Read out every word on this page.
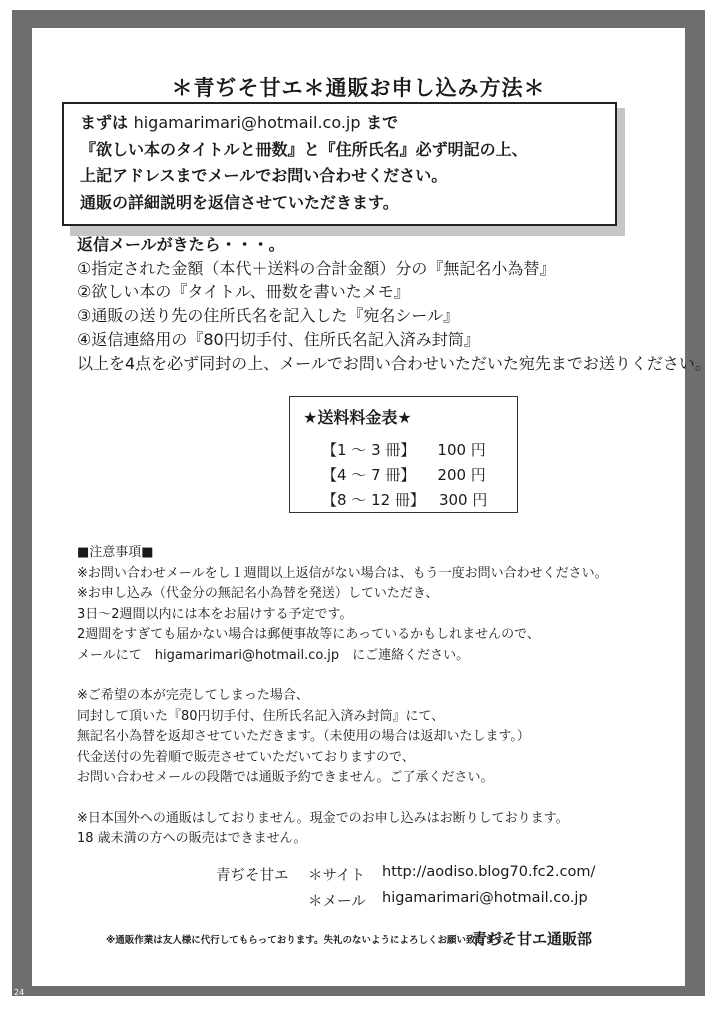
＊青ぢそ甘エ＊通販お申し込み方法＊
まずは higamarimari@hotmail.co.jp まで
『欲しい本のタイトルと冊数』と『住所氏名』必ず明記の上、
上記アドレスまでメールでお問い合わせください。
通販の詳細説明を返信させていただきます。
返信メールがきたら・・・。
①指定された金額（本代＋送料の合計金額）分の『無記名小為替』
②欲しい本の『タイトル、冊数を書いたメモ』
③通販の送り先の住所氏名を記入した『宛名シール』
④返信連絡用の『80円切手付、住所氏名記入済み封筒』
以上を4点を必ず同封の上、メールでお問い合わせいただいた宛先までお送りください。
★送料料金表★
【1 ～ 3 冊】 100 円
【4 ～ 7 冊】 200 円
【8 ～ 12 冊】 300 円
■注意事項■
※お問い合わせメールをし１週間以上返信がない場合は、もう一度お問い合わせください。
※お申し込み（代金分の無記名小為替を発送）していただき、
3日～2週間以内には本をお届けする予定です。
2週間をすぎても届かない場合は郵便事故等にあっているかもしれませんので、
メールにて　higamarimari@hotmail.co.jp　にご連絡ください。
※ご希望の本が完売してしまった場合、
同封して頂いた『80円切手付、住所氏名記入済み封筒』にて、
無記名小為替を返却させていただきます。（未使用の場合は返却いたします。）
代金送付の先着順で販売させていただいておりますので、
お問い合わせメールの段階では通販予約できません。ご了承ください。
※日本国外への通販はしておりません。現金でのお申し込みはお断りしております。
18 歳未満の方への販売はできません。
青ぢそ甘エ ＊サイト http://aodiso.blog70.fc2.com/
＊メール higamarimari@hotmail.co.jp
※通販作業は友人様に代行してもらっております。失礼のないようによろしくお願い致します。
青ぢそ甘エ通販部
24
